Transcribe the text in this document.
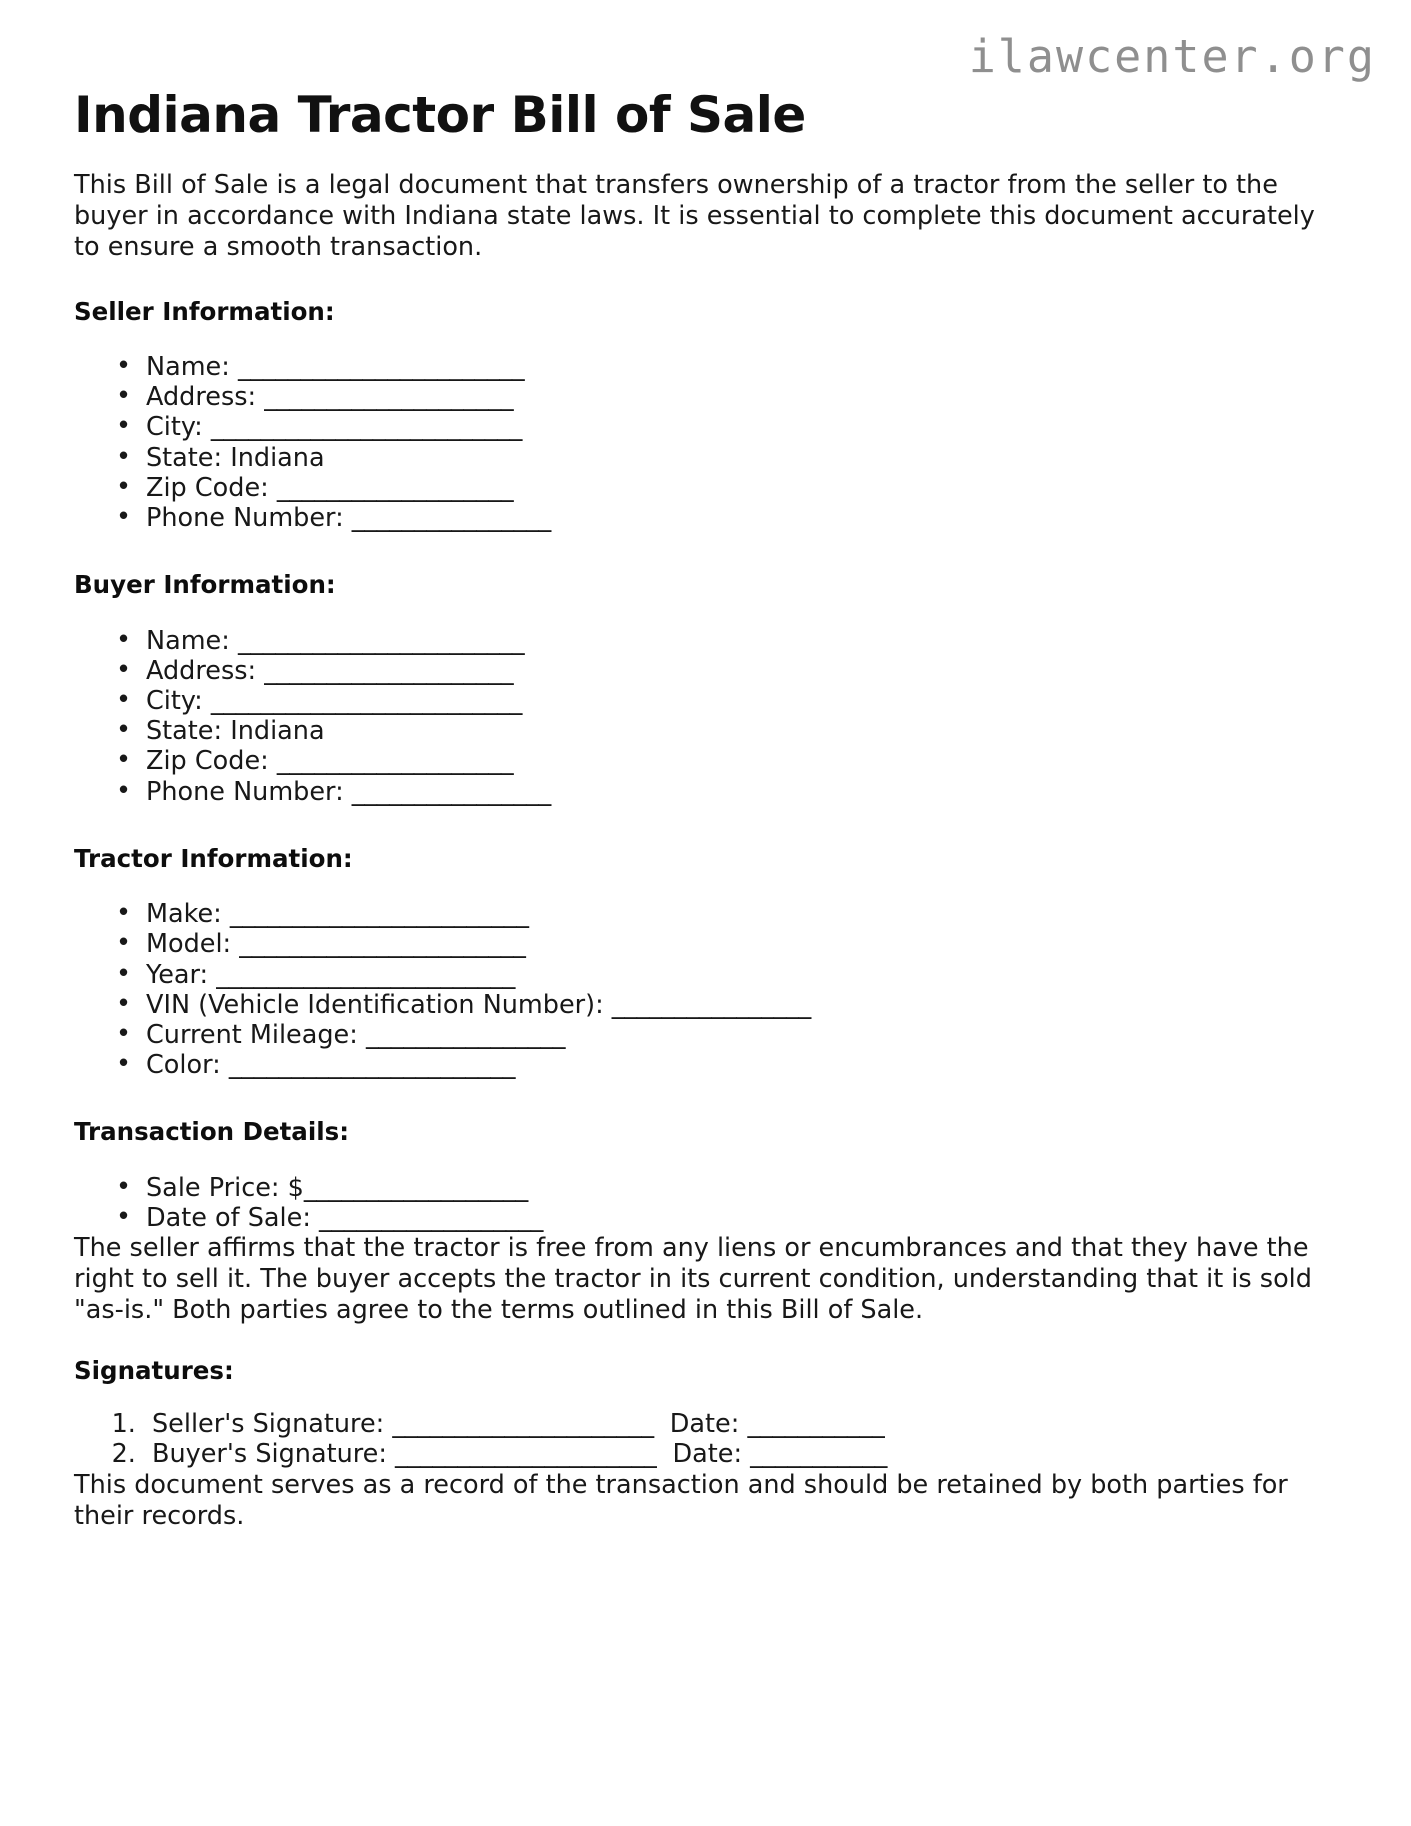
ilawcenter.org
Indiana Tractor Bill of Sale

This Bill of Sale is a legal document that transfers ownership of a tractor from the seller to the buyer in accordance with Indiana state laws. It is essential to complete this document accurately to ensure a smooth transaction.

Seller Information:
• Name: _______________________
• Address: ____________________
• City: _________________________
• State: Indiana
• Zip Code: ___________________
• Phone Number: ________________
Buyer Information:
• Name: _______________________
• Address: ____________________
• City: _________________________
• State: Indiana
• Zip Code: ___________________
• Phone Number: ________________
Tractor Information:
• Make: ________________________
• Model: _______________________
• Year: ________________________
• VIN (Vehicle Identification Number): ________________
• Current Mileage: ________________
• Color: _______________________
Transaction Details:
• Sale Price: $__________________
• Date of Sale: __________________

The seller affirms that the tractor is free from any liens or encumbrances and that they have the right to sell it. The buyer accepts the tractor in its current condition, understanding that it is sold "as-is." Both parties agree to the terms outlined in this Bill of Sale.

Signatures:
1. Seller's Signature: _____________________ Date: ___________
2. Buyer's Signature: _____________________ Date: ___________

This document serves as a record of the transaction and should be retained by both parties for their records.
